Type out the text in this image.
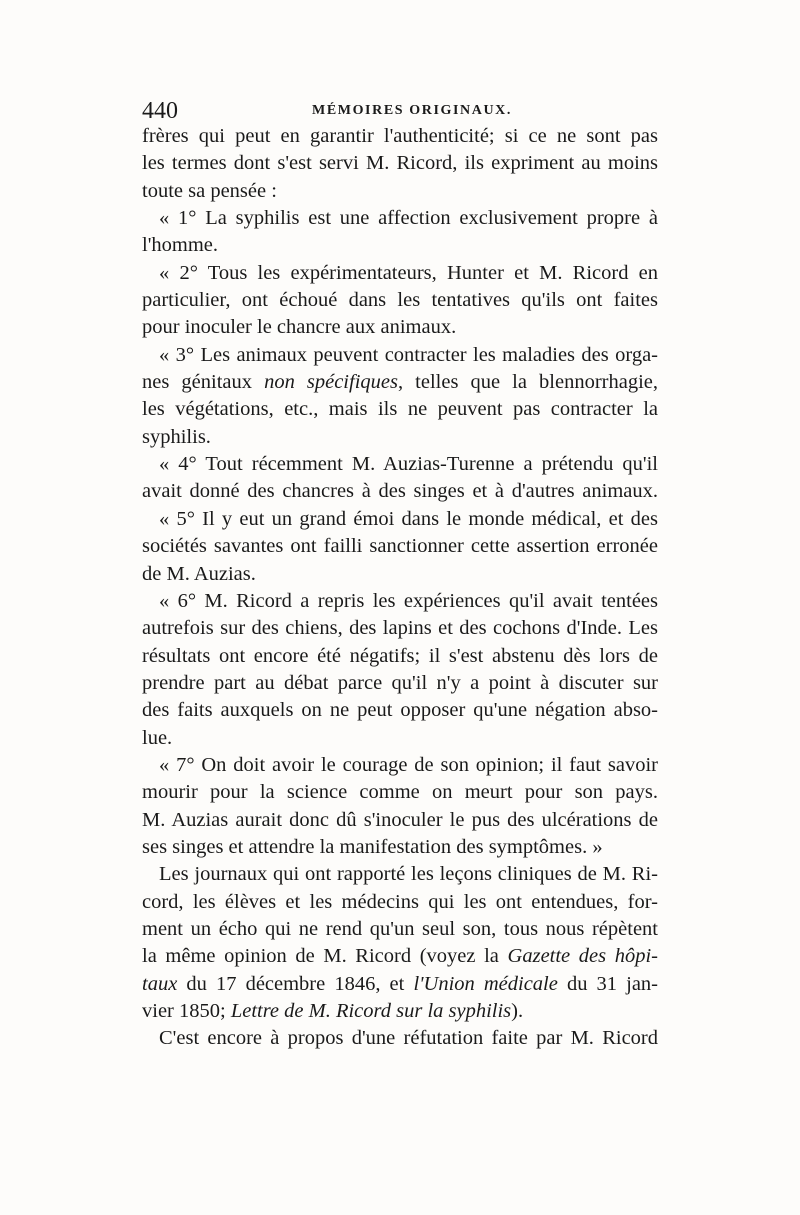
440	MÉMOIRES ORIGINAUX.
frères qui peut en garantir l'authenticité; si ce ne sont pas
les termes dont s'est servi M. Ricord, ils expriment au moins
toute sa pensée :
« 1° La syphilis est une affection exclusivement propre à
l'homme.
« 2° Tous les expérimentateurs, Hunter et M. Ricord en
particulier, ont échoué dans les tentatives qu'ils ont faites
pour inoculer le chancre aux animaux.
« 3° Les animaux peuvent contracter les maladies des orga-
nes génitaux non spécifiques, telles que la blennorrhagie,
les végétations, etc., mais ils ne peuvent pas contracter la
syphilis.
« 4° Tout récemment M. Auzias-Turenne a prétendu qu'il
avait donné des chancres à des singes et à d'autres animaux.
« 5° Il y eut un grand émoi dans le monde médical, et des
sociétés savantes ont failli sanctionner cette assertion erronée
de M. Auzias.
« 6° M. Ricord a repris les expériences qu'il avait tentées
autrefois sur des chiens, des lapins et des cochons d'Inde. Les
résultats ont encore été négatifs; il s'est abstenu dès lors de
prendre part au débat parce qu'il n'y a point à discuter sur
des faits auxquels on ne peut opposer qu'une négation abso-
lue.
« 7° On doit avoir le courage de son opinion; il faut savoir
mourir pour la science comme on meurt pour son pays.
M. Auzias aurait donc dû s'inoculer le pus des ulcérations de
ses singes et attendre la manifestation des symptômes. »
Les journaux qui ont rapporté les leçons cliniques de M. Ri-
cord, les élèves et les médecins qui les ont entendues, for-
ment un écho qui ne rend qu'un seul son, tous nous répètent
la même opinion de M. Ricord (voyez la Gazette des hôpi-
taux du 17 décembre 1846, et l'Union médicale du 31 jan-
vier 1850; Lettre de M. Ricord sur la syphilis).
C'est encore à propos d'une réfutation faite par M. Ricord
